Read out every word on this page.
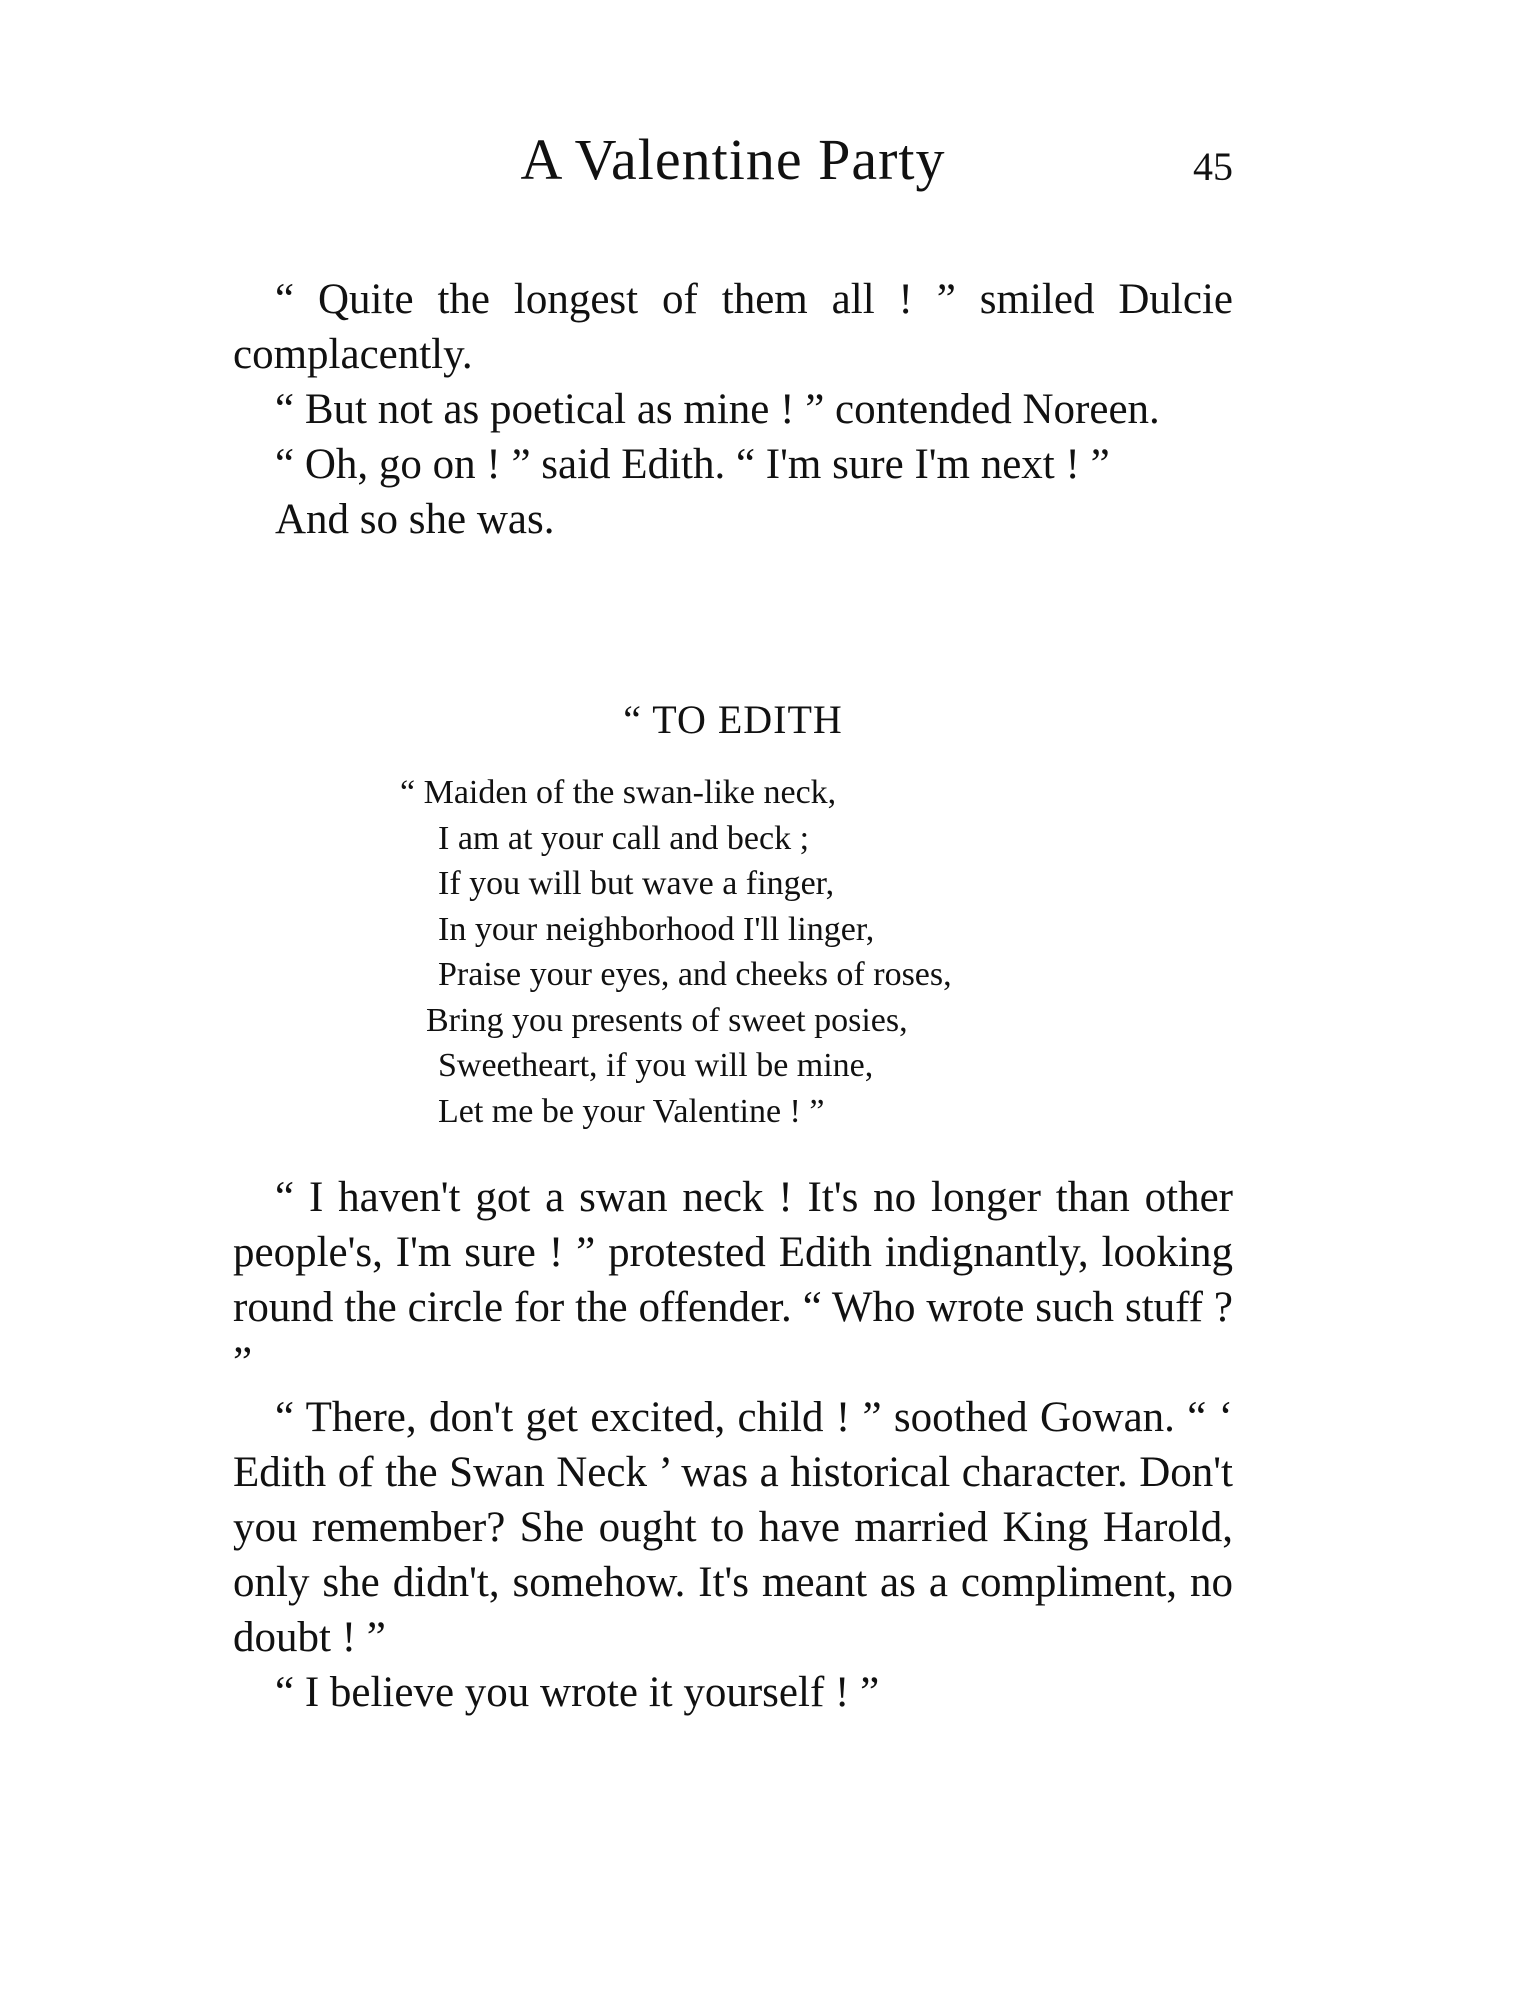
A Valentine Party	45

“ Quite the longest of them all ! ” smiled Dulcie complacently.

“ But not as poetical as mine ! ” contended Noreen.

“ Oh, go on ! ” said Edith. “ I'm sure I'm next ! ”

And so she was.

“ TO EDITH
“ Maiden of the swan-like neck,
I am at your call and beck ;
If you will but wave a finger,
In your neighborhood I'll linger,
Praise your eyes, and cheeks of roses,
Bring you presents of sweet posies,
Sweetheart, if you will be mine,
Let me be your Valentine ! ”

“ I haven't got a swan neck ! It's no longer than other people's, I'm sure ! ” protested Edith indignantly, looking round the circle for the offender. “ Who wrote such stuff ? ”

“ There, don't get excited, child ! ” soothed Gowan. “ ‘ Edith of the Swan Neck ’ was a historical character. Don't you remember? She ought to have married King Harold, only she didn't, somehow. It's meant as a compliment, no doubt ! ”

“ I believe you wrote it yourself ! ”
